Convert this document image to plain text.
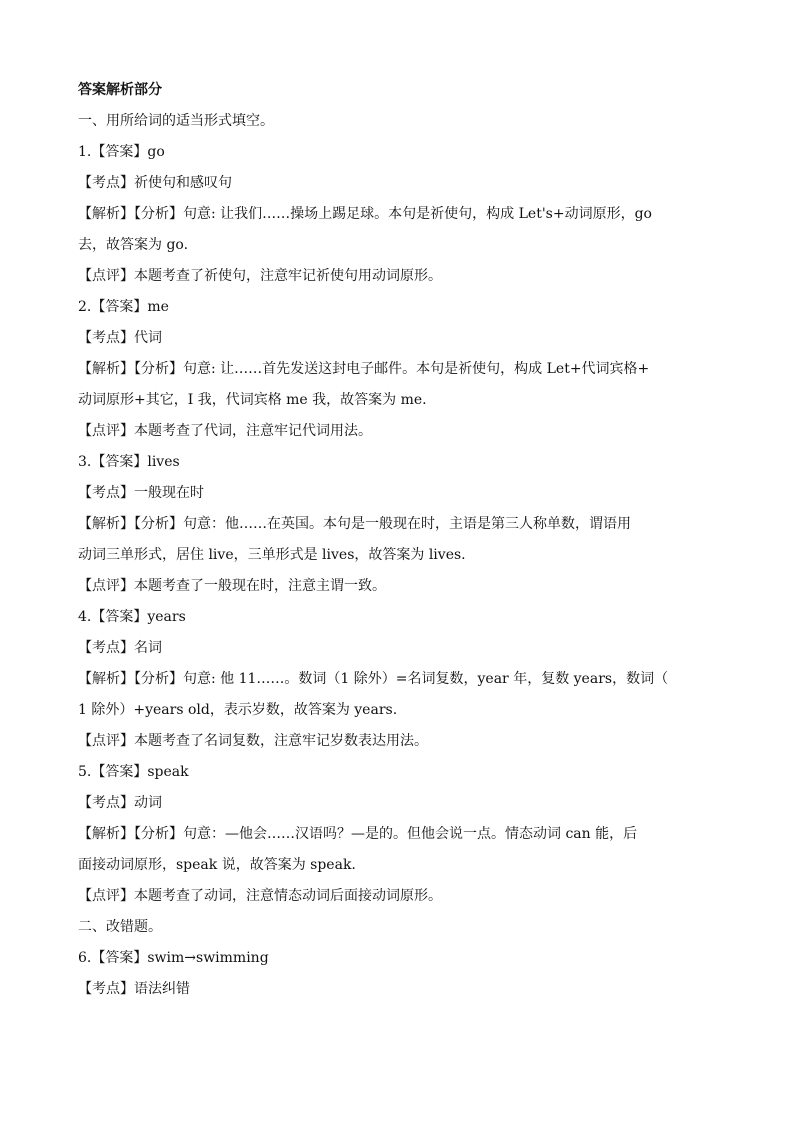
答案解析部分

一、用所给词的适当形式填空。

1.【答案】go

【考点】祈使句和感叹句

【解析】【分析】句意: 让我们……操场上踢足球。本句是祈使句，构成 Let's+动词原形，go

去，故答案为 go.

【点评】本题考查了祈使句，注意牢记祈使句用动词原形。

2.【答案】me

【考点】代词

【解析】【分析】句意: 让……首先发送这封电子邮件。本句是祈使句，构成 Let+代词宾格+

动词原形+其它，I 我，代词宾格 me 我，故答案为 me.

【点评】本题考查了代词，注意牢记代词用法。

3.【答案】lives

【考点】一般现在时

【解析】【分析】句意：他……在英国。本句是一般现在时，主语是第三人称单数，谓语用

动词三单形式，居住 live，三单形式是 lives，故答案为 lives.

【点评】本题考查了一般现在时，注意主谓一致。

4.【答案】years

【考点】名词

【解析】【分析】句意: 他 11……。数词（1 除外）=名词复数，year 年，复数 years，数词（

1 除外）+years old，表示岁数，故答案为 years.

【点评】本题考查了名词复数，注意牢记岁数表达用法。

5.【答案】speak

【考点】动词

【解析】【分析】句意：—他会……汉语吗？—是的。但他会说一点。情态动词 can 能，后

面接动词原形，speak 说，故答案为 speak.

【点评】本题考查了动词，注意情态动词后面接动词原形。

二、改错题。

6.【答案】swim→swimming

【考点】语法纠错
